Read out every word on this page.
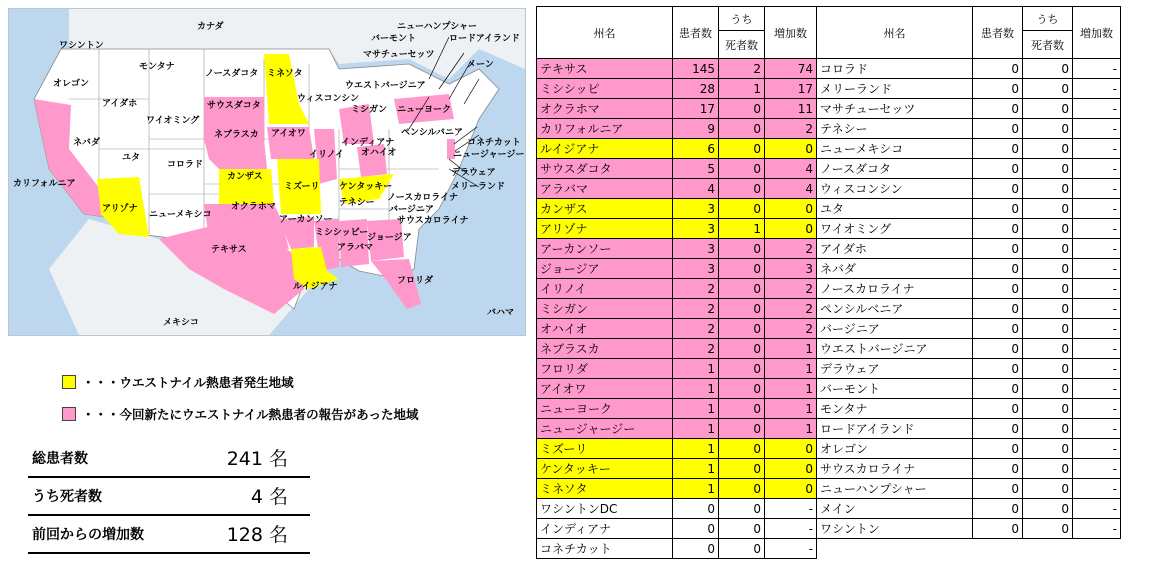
カナダ
ワシントン
モンタナ
ノースダコタ ミネソタ
ニューハンプシャー
バーモント	ロードアイランド
マサチューセッツ
メーン
オレゴン	ウエストバージニア
アイダホ	サウスダコタ
ウィスコンシン
ミシガン ニューヨーク
ワイオミング
ネブラスカ アイオワ	ペンシルバニア
コネチカット
ネバダ	インディアナ
オハイオ
イリノイ	ニュージャージー
ユタ
コロラド
カンザス
ミズーリ ケンタッキー
デラウェア
メリーランド
カリフォルニア
ノースカロライナ
テネシー
バージニア
アリゾナ
ニューメキシコ
オクラホマ
アーカンソー	サウスカロライナ
ミシシッピー
ジョージア
テキサス	アラバマ
ルイジアナ
フロリダ
メキシコ
バハマ
・・・ウエストナイル熱患者発生地域
・・・今回新たにウエストナイル熱患者の報告があった地域
総患者数	241 名
うち死者数	4 名
前回からの増加数	128 名
州名	患者数	うち	増加数	州名	患者数	うち	増加数
		死者数				死者数	
テキサス	145	2	74	コロラド	0	0	-
ミシシッピ	28	1	17	メリーランド	0	0	-
オクラホマ	17	0	11	マサチューセッツ	0	0	-
カリフォルニア	9	0	2	テネシー	0	0	-
ルイジアナ	6	0	0	ニューメキシコ	0	0	-
サウスダコタ	5	0	4	ノースダコタ	0	0	-
アラバマ	4	0	4	ウィスコンシン	0	0	-
カンザス	3	0	0	ユタ	0	0	-
アリゾナ	3	1	0	ワイオミング	0	0	-
アーカンソー	3	0	2	アイダホ	0	0	-
ジョージア	3	0	3	ネバダ	0	0	-
イリノイ	2	0	2	ノースカロライナ	0	0	-
ミシガン	2	0	2	ペンシルベニア	0	0	-
オハイオ	2	0	2	バージニア	0	0	-
ネブラスカ	2	0	1	ウエストバージニア	0	0	-
フロリダ	1	0	1	デラウェア	0	0	-
アイオワ	1	0	1	バーモント	0	0	-
ニューヨーク	1	0	1	モンタナ	0	0	-
ニュージャージー	1	0	1	ロードアイランド	0	0	-
ミズーリ	1	0	0	オレゴン	0	0	-
ケンタッキー	1	0	0	サウスカロライナ	0	0	-
ミネソタ	1	0	0	ニューハンプシャー	0	0	-
ワシントンDC	0	0	-	メイン	0	0	-
インディアナ	0	0	-	ワシントン	0	0	-
コネチカット	0	0	-				
